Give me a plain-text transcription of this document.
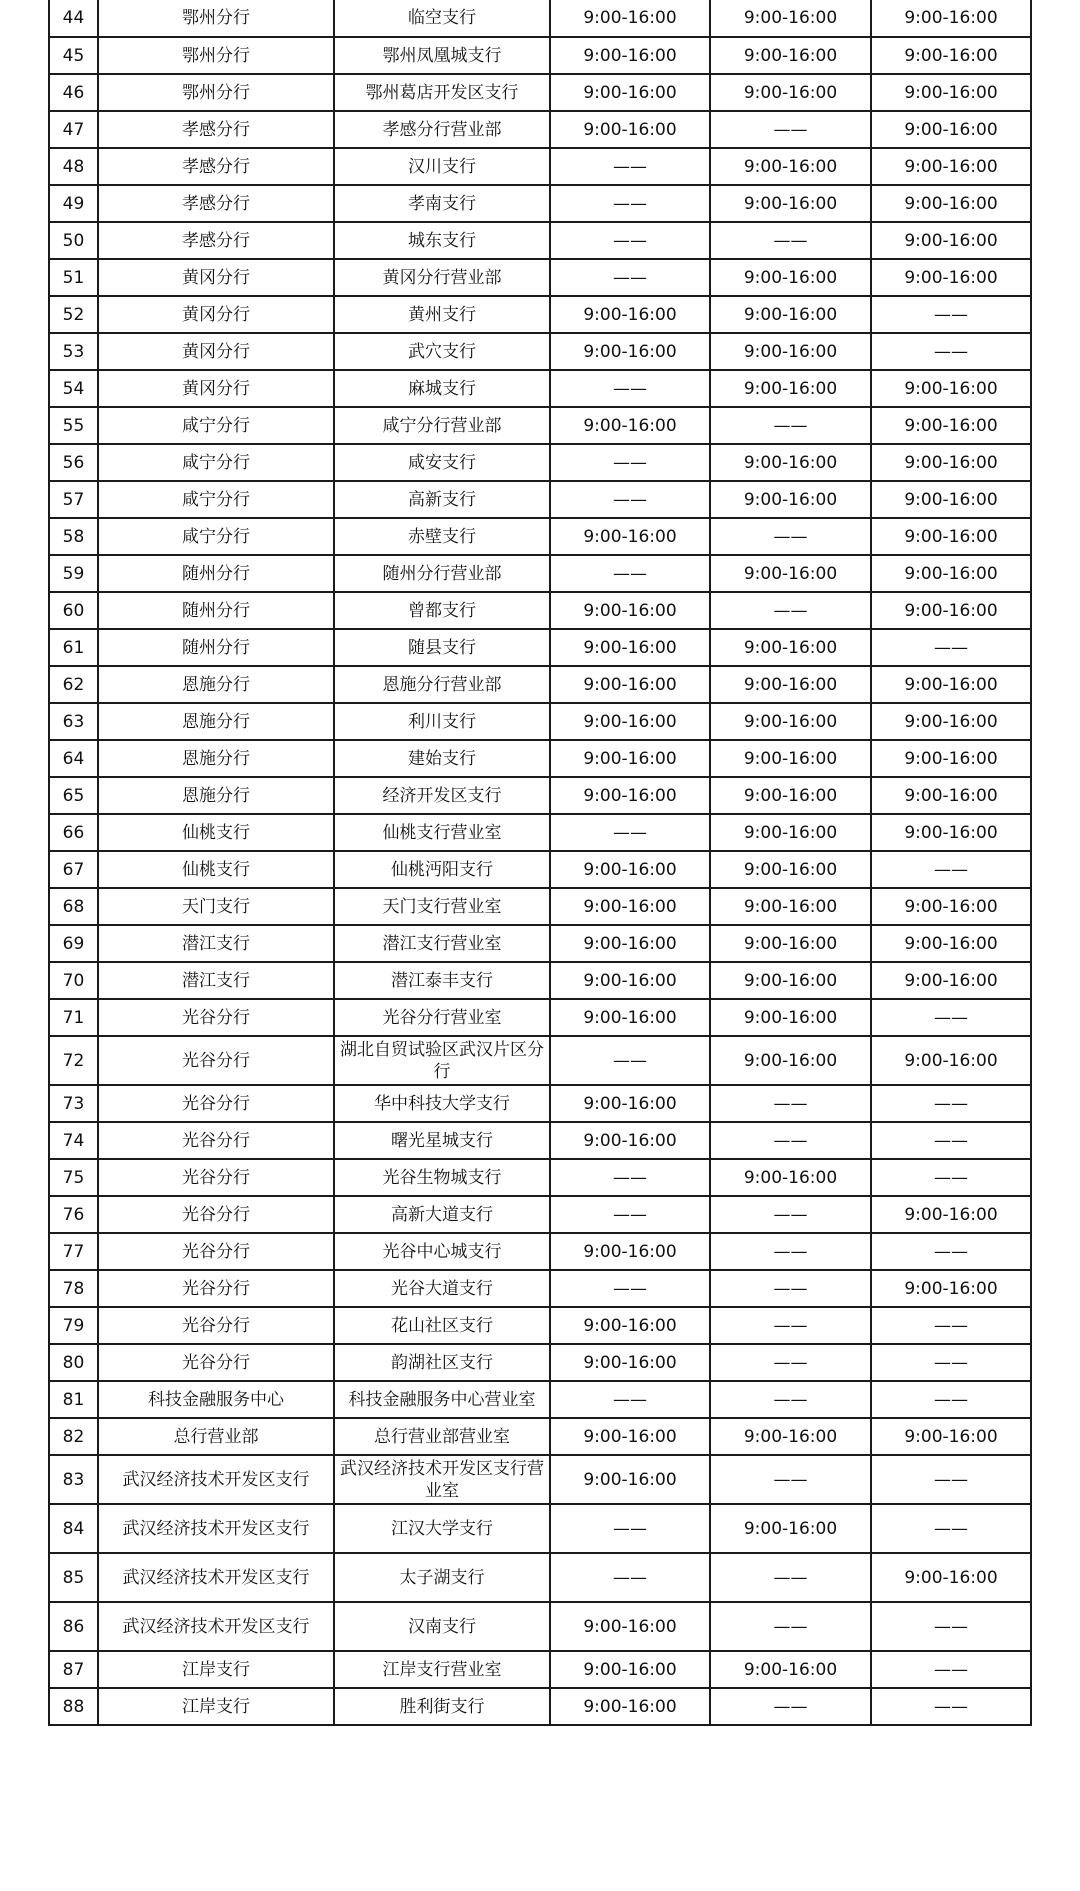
44	鄂州分行	临空支行	9:00-16:00	9:00-16:00	9:00-16:00
45	鄂州分行	鄂州凤凰城支行	9:00-16:00	9:00-16:00	9:00-16:00
46	鄂州分行	鄂州葛店开发区支行	9:00-16:00	9:00-16:00	9:00-16:00
47	孝感分行	孝感分行营业部	9:00-16:00	——	9:00-16:00
48	孝感分行	汉川支行	——	9:00-16:00	9:00-16:00
49	孝感分行	孝南支行	——	9:00-16:00	9:00-16:00
50	孝感分行	城东支行	——	——	9:00-16:00
51	黄冈分行	黄冈分行营业部	——	9:00-16:00	9:00-16:00
52	黄冈分行	黄州支行	9:00-16:00	9:00-16:00	——
53	黄冈分行	武穴支行	9:00-16:00	9:00-16:00	——
54	黄冈分行	麻城支行	——	9:00-16:00	9:00-16:00
55	咸宁分行	咸宁分行营业部	9:00-16:00	——	9:00-16:00
56	咸宁分行	咸安支行	——	9:00-16:00	9:00-16:00
57	咸宁分行	高新支行	——	9:00-16:00	9:00-16:00
58	咸宁分行	赤壁支行	9:00-16:00	——	9:00-16:00
59	随州分行	随州分行营业部	——	9:00-16:00	9:00-16:00
60	随州分行	曾都支行	9:00-16:00	——	9:00-16:00
61	随州分行	随县支行	9:00-16:00	9:00-16:00	——
62	恩施分行	恩施分行营业部	9:00-16:00	9:00-16:00	9:00-16:00
63	恩施分行	利川支行	9:00-16:00	9:00-16:00	9:00-16:00
64	恩施分行	建始支行	9:00-16:00	9:00-16:00	9:00-16:00
65	恩施分行	经济开发区支行	9:00-16:00	9:00-16:00	9:00-16:00
66	仙桃支行	仙桃支行营业室	——	9:00-16:00	9:00-16:00
67	仙桃支行	仙桃沔阳支行	9:00-16:00	9:00-16:00	——
68	天门支行	天门支行营业室	9:00-16:00	9:00-16:00	9:00-16:00
69	潜江支行	潜江支行营业室	9:00-16:00	9:00-16:00	9:00-16:00
70	潜江支行	潜江泰丰支行	9:00-16:00	9:00-16:00	9:00-16:00
71	光谷分行	光谷分行营业室	9:00-16:00	9:00-16:00	——
72	光谷分行	湖北自贸试验区武汉片区分行	——	9:00-16:00	9:00-16:00
73	光谷分行	华中科技大学支行	9:00-16:00	——	——
74	光谷分行	曙光星城支行	9:00-16:00	——	——
75	光谷分行	光谷生物城支行	——	9:00-16:00	——
76	光谷分行	高新大道支行	——	——	9:00-16:00
77	光谷分行	光谷中心城支行	9:00-16:00	——	——
78	光谷分行	光谷大道支行	——	——	9:00-16:00
79	光谷分行	花山社区支行	9:00-16:00	——	——
80	光谷分行	韵湖社区支行	9:00-16:00	——	——
81	科技金融服务中心	科技金融服务中心营业室	——	——	——
82	总行营业部	总行营业部营业室	9:00-16:00	9:00-16:00	9:00-16:00
83	武汉经济技术开发区支行	武汉经济技术开发区支行营业室	9:00-16:00	——	——
84	武汉经济技术开发区支行	江汉大学支行	——	9:00-16:00	——
85	武汉经济技术开发区支行	太子湖支行	——	——	9:00-16:00
86	武汉经济技术开发区支行	汉南支行	9:00-16:00	——	——
87	江岸支行	江岸支行营业室	9:00-16:00	9:00-16:00	——
88	江岸支行	胜利街支行	9:00-16:00	——	——
